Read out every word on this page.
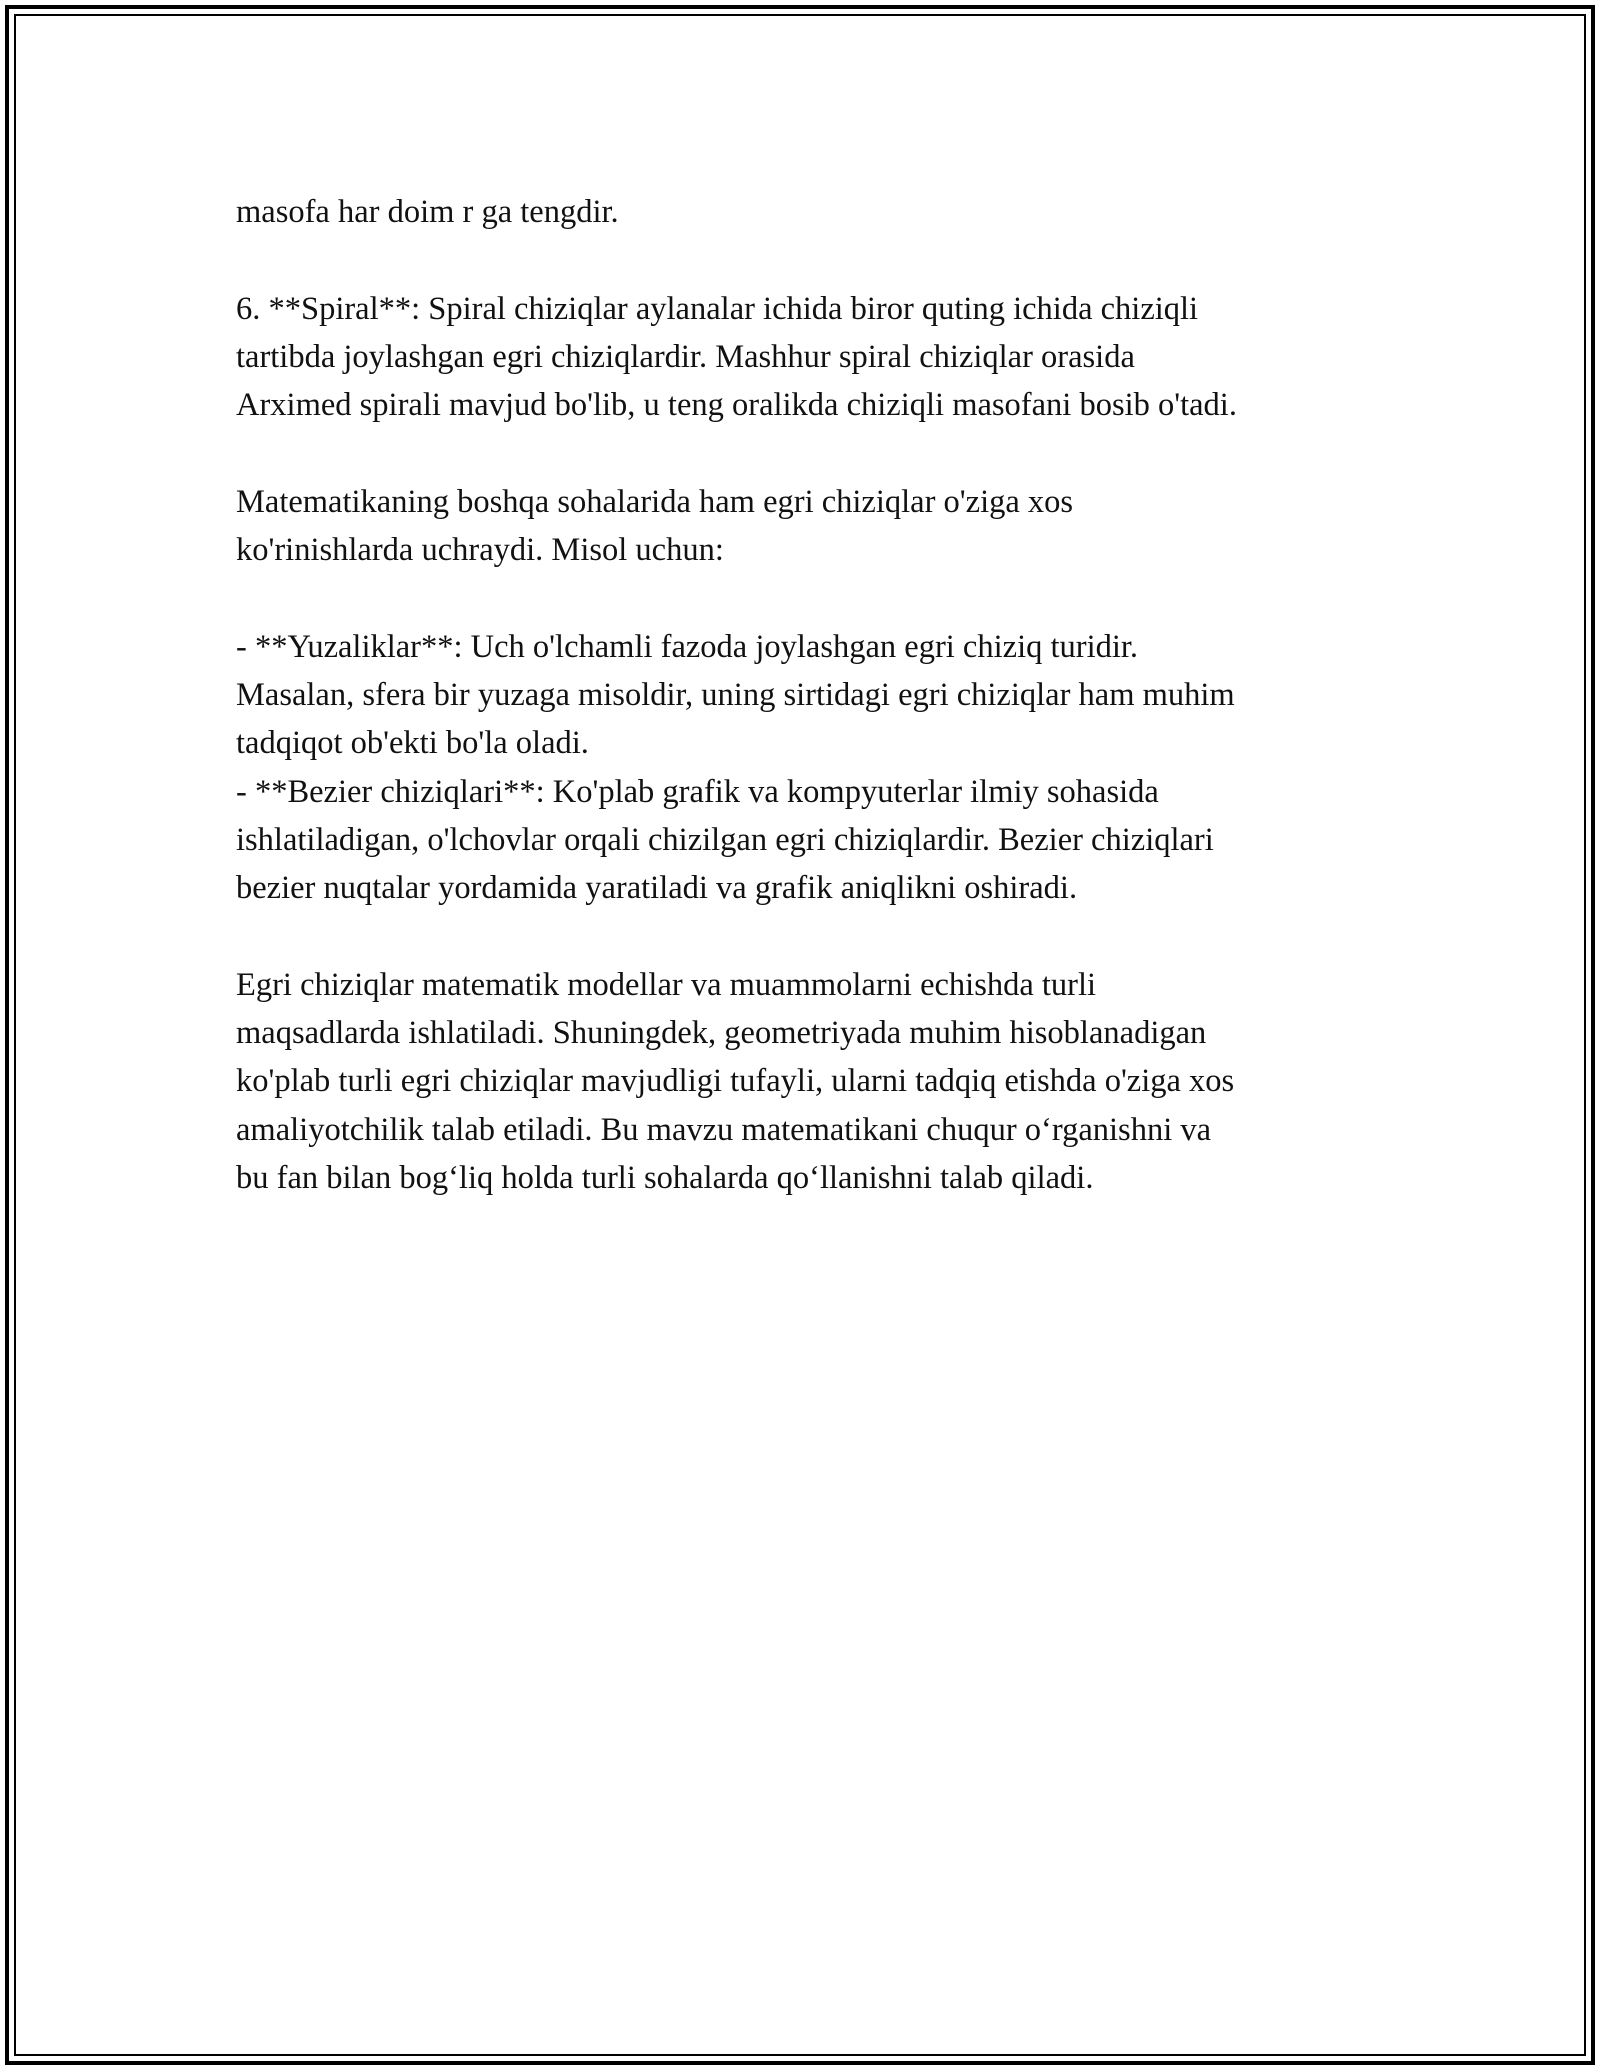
masofa har doim r ga tengdir.

6. **Spiral**: Spiral chiziqlar aylanalar ichida biror quting ichida chiziqli
tartibda joylashgan egri chiziqlardir. Mashhur spiral chiziqlar orasida
Arximed spirali mavjud bo'lib, u teng oralikda chiziqli masofani bosib o'tadi.

Matematikaning boshqa sohalarida ham egri chiziqlar o'ziga xos
ko'rinishlarda uchraydi. Misol uchun:

- **Yuzaliklar**: Uch o'lchamli fazoda joylashgan egri chiziq turidir.
Masalan, sfera bir yuzaga misoldir, uning sirtidagi egri chiziqlar ham muhim
tadqiqot ob'ekti bo'la oladi.

- **Bezier chiziqlari**: Ko'plab grafik va kompyuterlar ilmiy sohasida
ishlatiladigan, o'lchovlar orqali chizilgan egri chiziqlardir. Bezier chiziqlari
bezier nuqtalar yordamida yaratiladi va grafik aniqlikni oshiradi.

Egri chiziqlar matematik modellar va muammolarni echishda turli
maqsadlarda ishlatiladi. Shuningdek, geometriyada muhim hisoblanadigan
ko'plab turli egri chiziqlar mavjudligi tufayli, ularni tadqiq etishda o'ziga xos
amaliyotchilik talab etiladi. Bu mavzu matematikani chuqur o‘rganishni va
bu fan bilan bog‘liq holda turli sohalarda qo‘llanishni talab qiladi.
